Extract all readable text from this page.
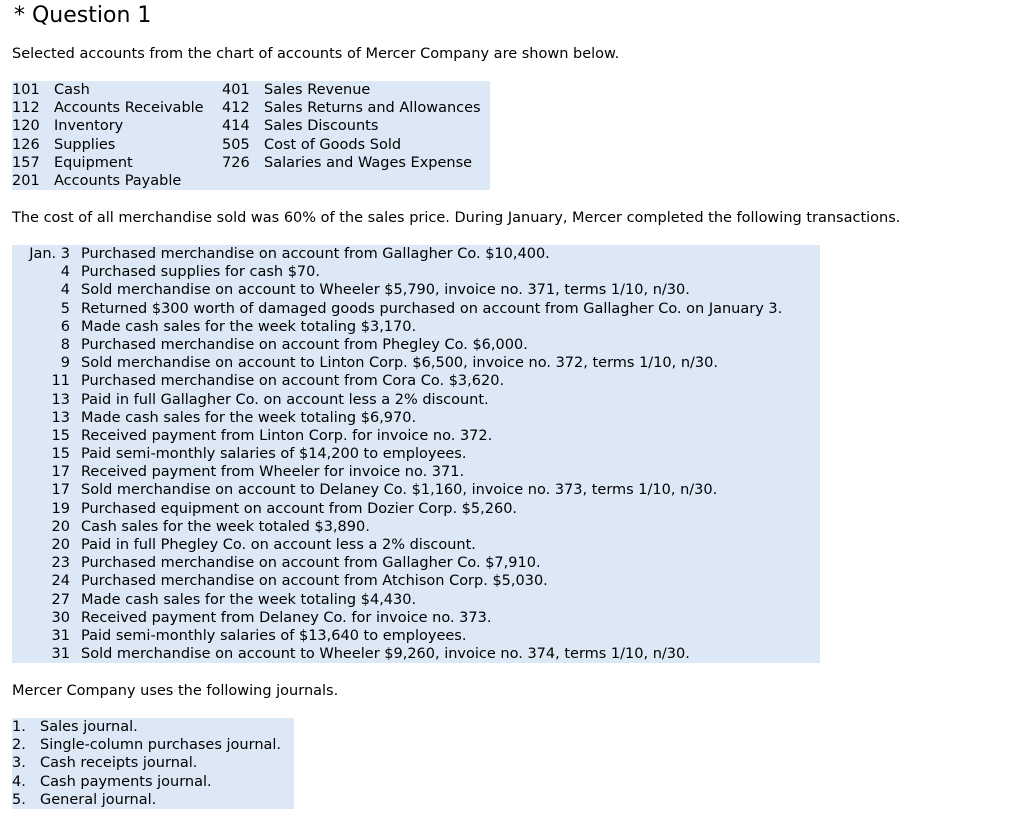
* Question 1
Selected accounts from the chart of accounts of Mercer Company are shown below.
101 Cash	401 Sales Revenue
112 Accounts Receivable 412 Sales Returns and Allowances
120 Inventory	414 Sales Discounts
126 Supplies	505 Cost of Goods Sold
157 Equipment	726 Salaries and Wages Expense
201 Accounts Payable
The cost of all merchandise sold was 60% of the sales price. During January, Mercer completed the following transactions.
Jan. 3 Purchased merchandise on account from Gallagher Co. $10,400.
4 Purchased supplies for cash $70.
4 Sold merchandise on account to Wheeler $5,790, invoice no. 371, terms 1/10, n/30.
5 Returned $300 worth of damaged goods purchased on account from Gallagher Co. on January 3.
6 Made cash sales for the week totaling $3,170.
8 Purchased merchandise on account from Phegley Co. $6,000.
9 Sold merchandise on account to Linton Corp. $6,500, invoice no. 372, terms 1/10, n/30.
11 Purchased merchandise on account from Cora Co. $3,620.
13 Paid in full Gallagher Co. on account less a 2% discount.
13 Made cash sales for the week totaling $6,970.
15 Received payment from Linton Corp. for invoice no. 372.
15 Paid semi-monthly salaries of $14,200 to employees.
17 Received payment from Wheeler for invoice no. 371.
17 Sold merchandise on account to Delaney Co. $1,160, invoice no. 373, terms 1/10, n/30.
19 Purchased equipment on account from Dozier Corp. $5,260.
20 Cash sales for the week totaled $3,890.
20 Paid in full Phegley Co. on account less a 2% discount.
23 Purchased merchandise on account from Gallagher Co. $7,910.
24 Purchased merchandise on account from Atchison Corp. $5,030.
27 Made cash sales for the week totaling $4,430.
30 Received payment from Delaney Co. for invoice no. 373.
31 Paid semi-monthly salaries of $13,640 to employees.
31 Sold merchandise on account to Wheeler $9,260, invoice no. 374, terms 1/10, n/30.
Mercer Company uses the following journals.
1. Sales journal.
2. Single-column purchases journal.
3. Cash receipts journal.
4. Cash payments journal.
5. General journal.
